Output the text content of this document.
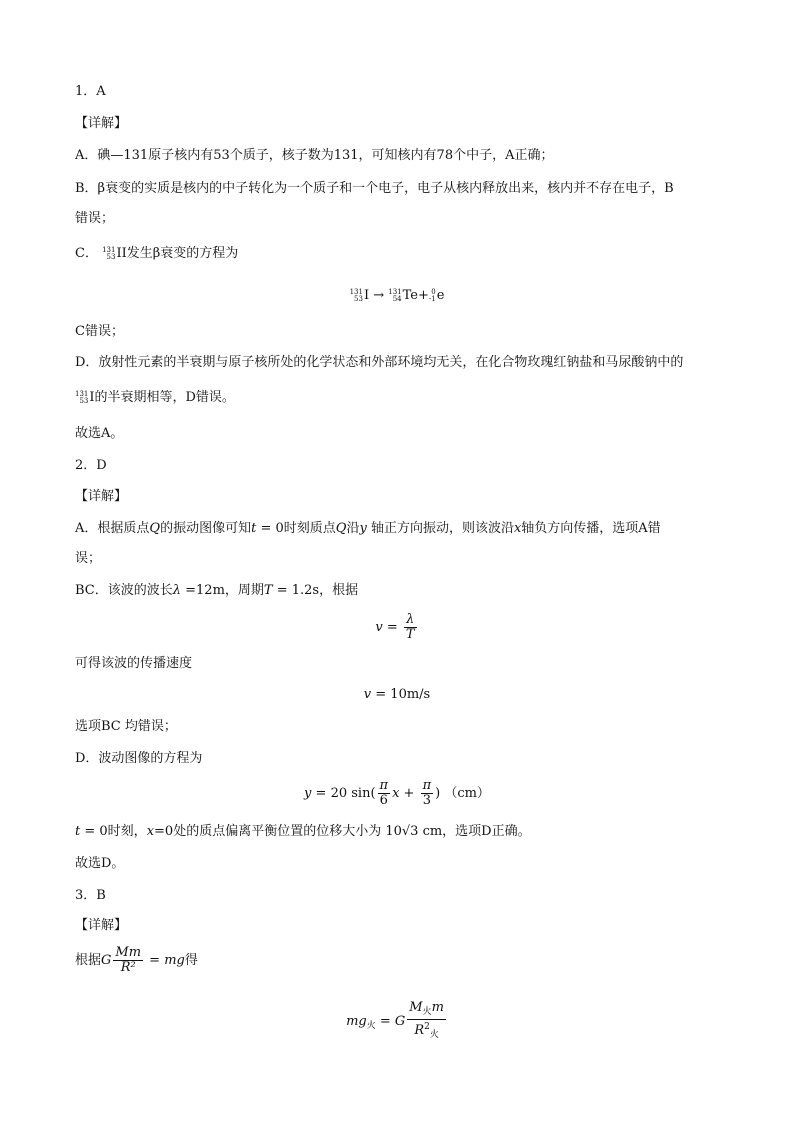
1．A
【详解】
A．碘—131原子核内有53个质子，核子数为131，可知核内有78个中子，A正确；
B．β衰变的实质是核内的中子转化为一个质子和一个电子，电子从核内释放出来，核内并不存在电子，B
错误；
C． 131
53 II发生β衰变的方程为
131
53 I → 131
54 Te+ 0
-1 e
C错误；
D．放射性元素的半衰期与原子核所处的化学状态和外部环境均无关，在化合物玫瑰红钠盐和马尿酸钠中的
131
53 I的半衰期相等，D错误。
故选A。
2．D
【详解】
A．根据质点Q的振动图像可知t = 0时刻质点Q沿y 轴正方向振动，则该波沿x轴负方向传播，选项A错
误；
BC．该波的波长λ =12m，周期T = 1.2s，根据
$v = \frac{\lambda}{T}$
可得该波的传播速度
v = 10m/s
选项BC 均错误；
D．波动图像的方程为
y = 20 $\sin( \frac{\pi}{6}$ $x + \frac{\pi}{3}$ ) （cm）
t = 0时刻，x=0处的质点偏离平衡位置的位移大小为 10√3 cm，选项D正确。
故选D。
3．B
【详解】
根据G $\frac{Mm}{\text{R²}}$ = mg得
$mg_火 = G \frac{M_火m}{R^2_火}$
